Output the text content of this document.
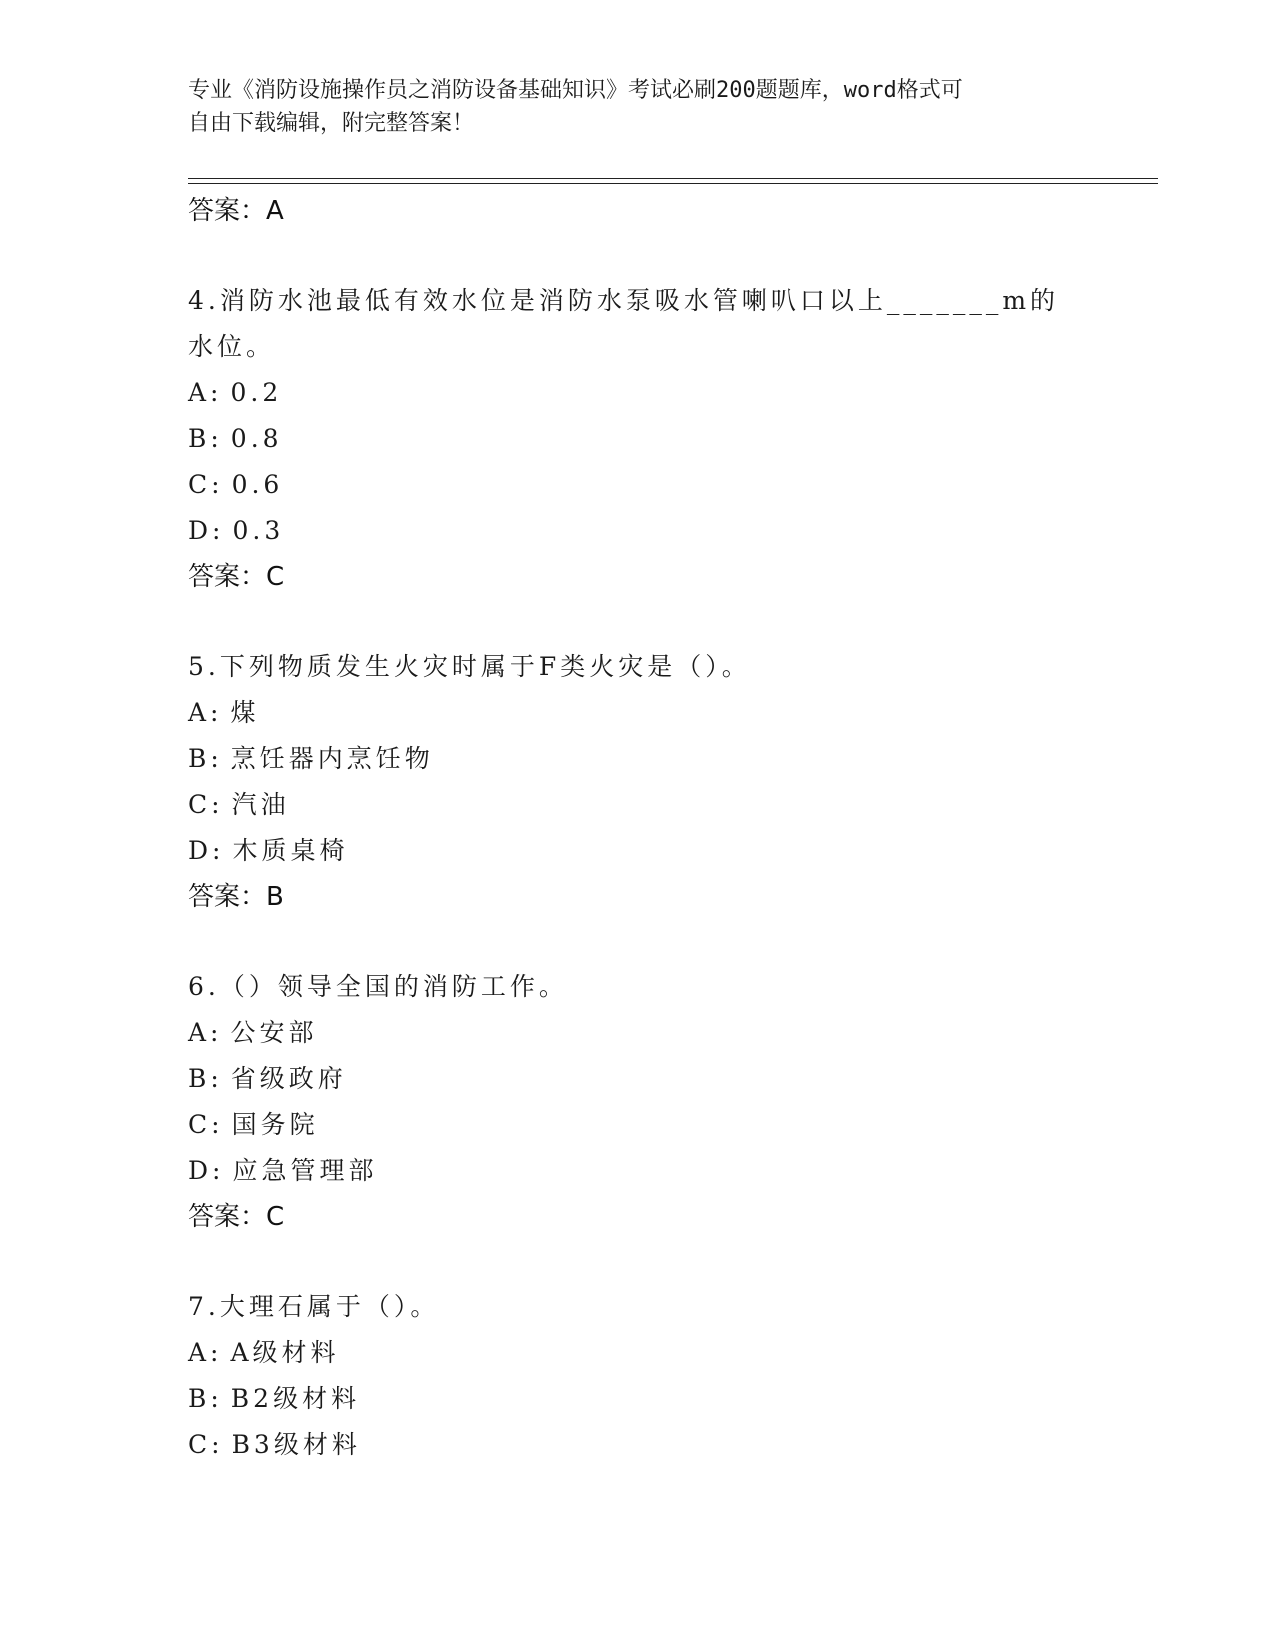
专业《消防设施操作员之消防设备基础知识》考试必刷200题题库，word格式可
自由下载编辑，附完整答案！
答案：A
4.消防水池最低有效水位是消防水泵吸水管喇叭口以上_______m的水位。
A: 0.2
B: 0.8
C: 0.6
D: 0.3
答案：C
5.下列物质发生火灾时属于F类火灾是（）。
A: 煤
B: 烹饪器内烹饪物
C: 汽油
D: 木质桌椅
答案：B
6.（）领导全国的消防工作。
A: 公安部
B: 省级政府
C: 国务院
D: 应急管理部
答案：C
7.大理石属于（）。
A: A级材料
B: B2级材料
C: B3级材料
